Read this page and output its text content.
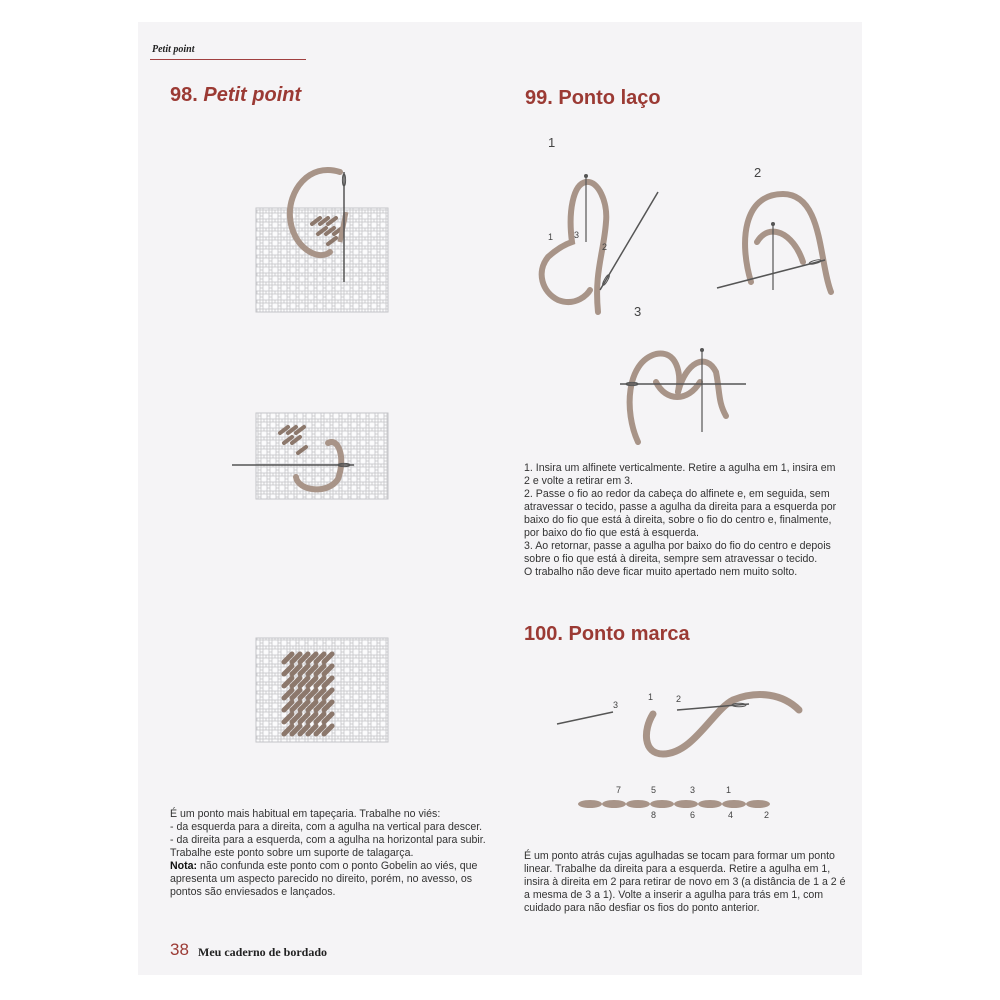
Petit point
98. Petit point	99. Ponto laço
1
1 3
2
2
3

1. Insira um alfinete verticalmente. Retire a agulha em 1, insira em 2 e volte a retirar em 3.

2. Passe o fio ao redor da cabeça do alfinete e, em seguida, sem atravessar o tecido, passe a agulha da direita para a esquerda por baixo do fio que está à direita, sobre o fio do centro e, finalmente, por baixo do fio que está à esquerda.

3. Ao retornar, passe a agulha por baixo do fio do centro e depois sobre o fio que está à direita, sempre sem atravessar o tecido.

O trabalho não deve ficar muito apertado nem muito solto.

100. Ponto marca
3
1	2
7	5	3	1
8	6	4	2

É um ponto atrás cujas agulhadas se tocam para formar um ponto linear. Trabalhe da direita para a esquerda. Retire a agulha em 1, insira à direita em 2 para retirar de novo em 3 (a distância de 1 a 2 é a mesma de 3 a 1). Volte a inserir a agulha para trás em 1, com cuidado para não desfiar os fios do ponto anterior.

É um ponto mais habitual em tapeçaria. Trabalhe no viés:

- da esquerda para a direita, com a agulha na vertical para descer.

- da direita para a esquerda, com a agulha na horizontal para subir.

Trabalhe este ponto sobre um suporte de talagarça.

Nota: não confunda este ponto com o ponto Gobelin ao viés, que apresenta um aspecto parecido no direito, porém, no avesso, os pontos são enviesados e lançados.

38 Meu caderno de bordado
